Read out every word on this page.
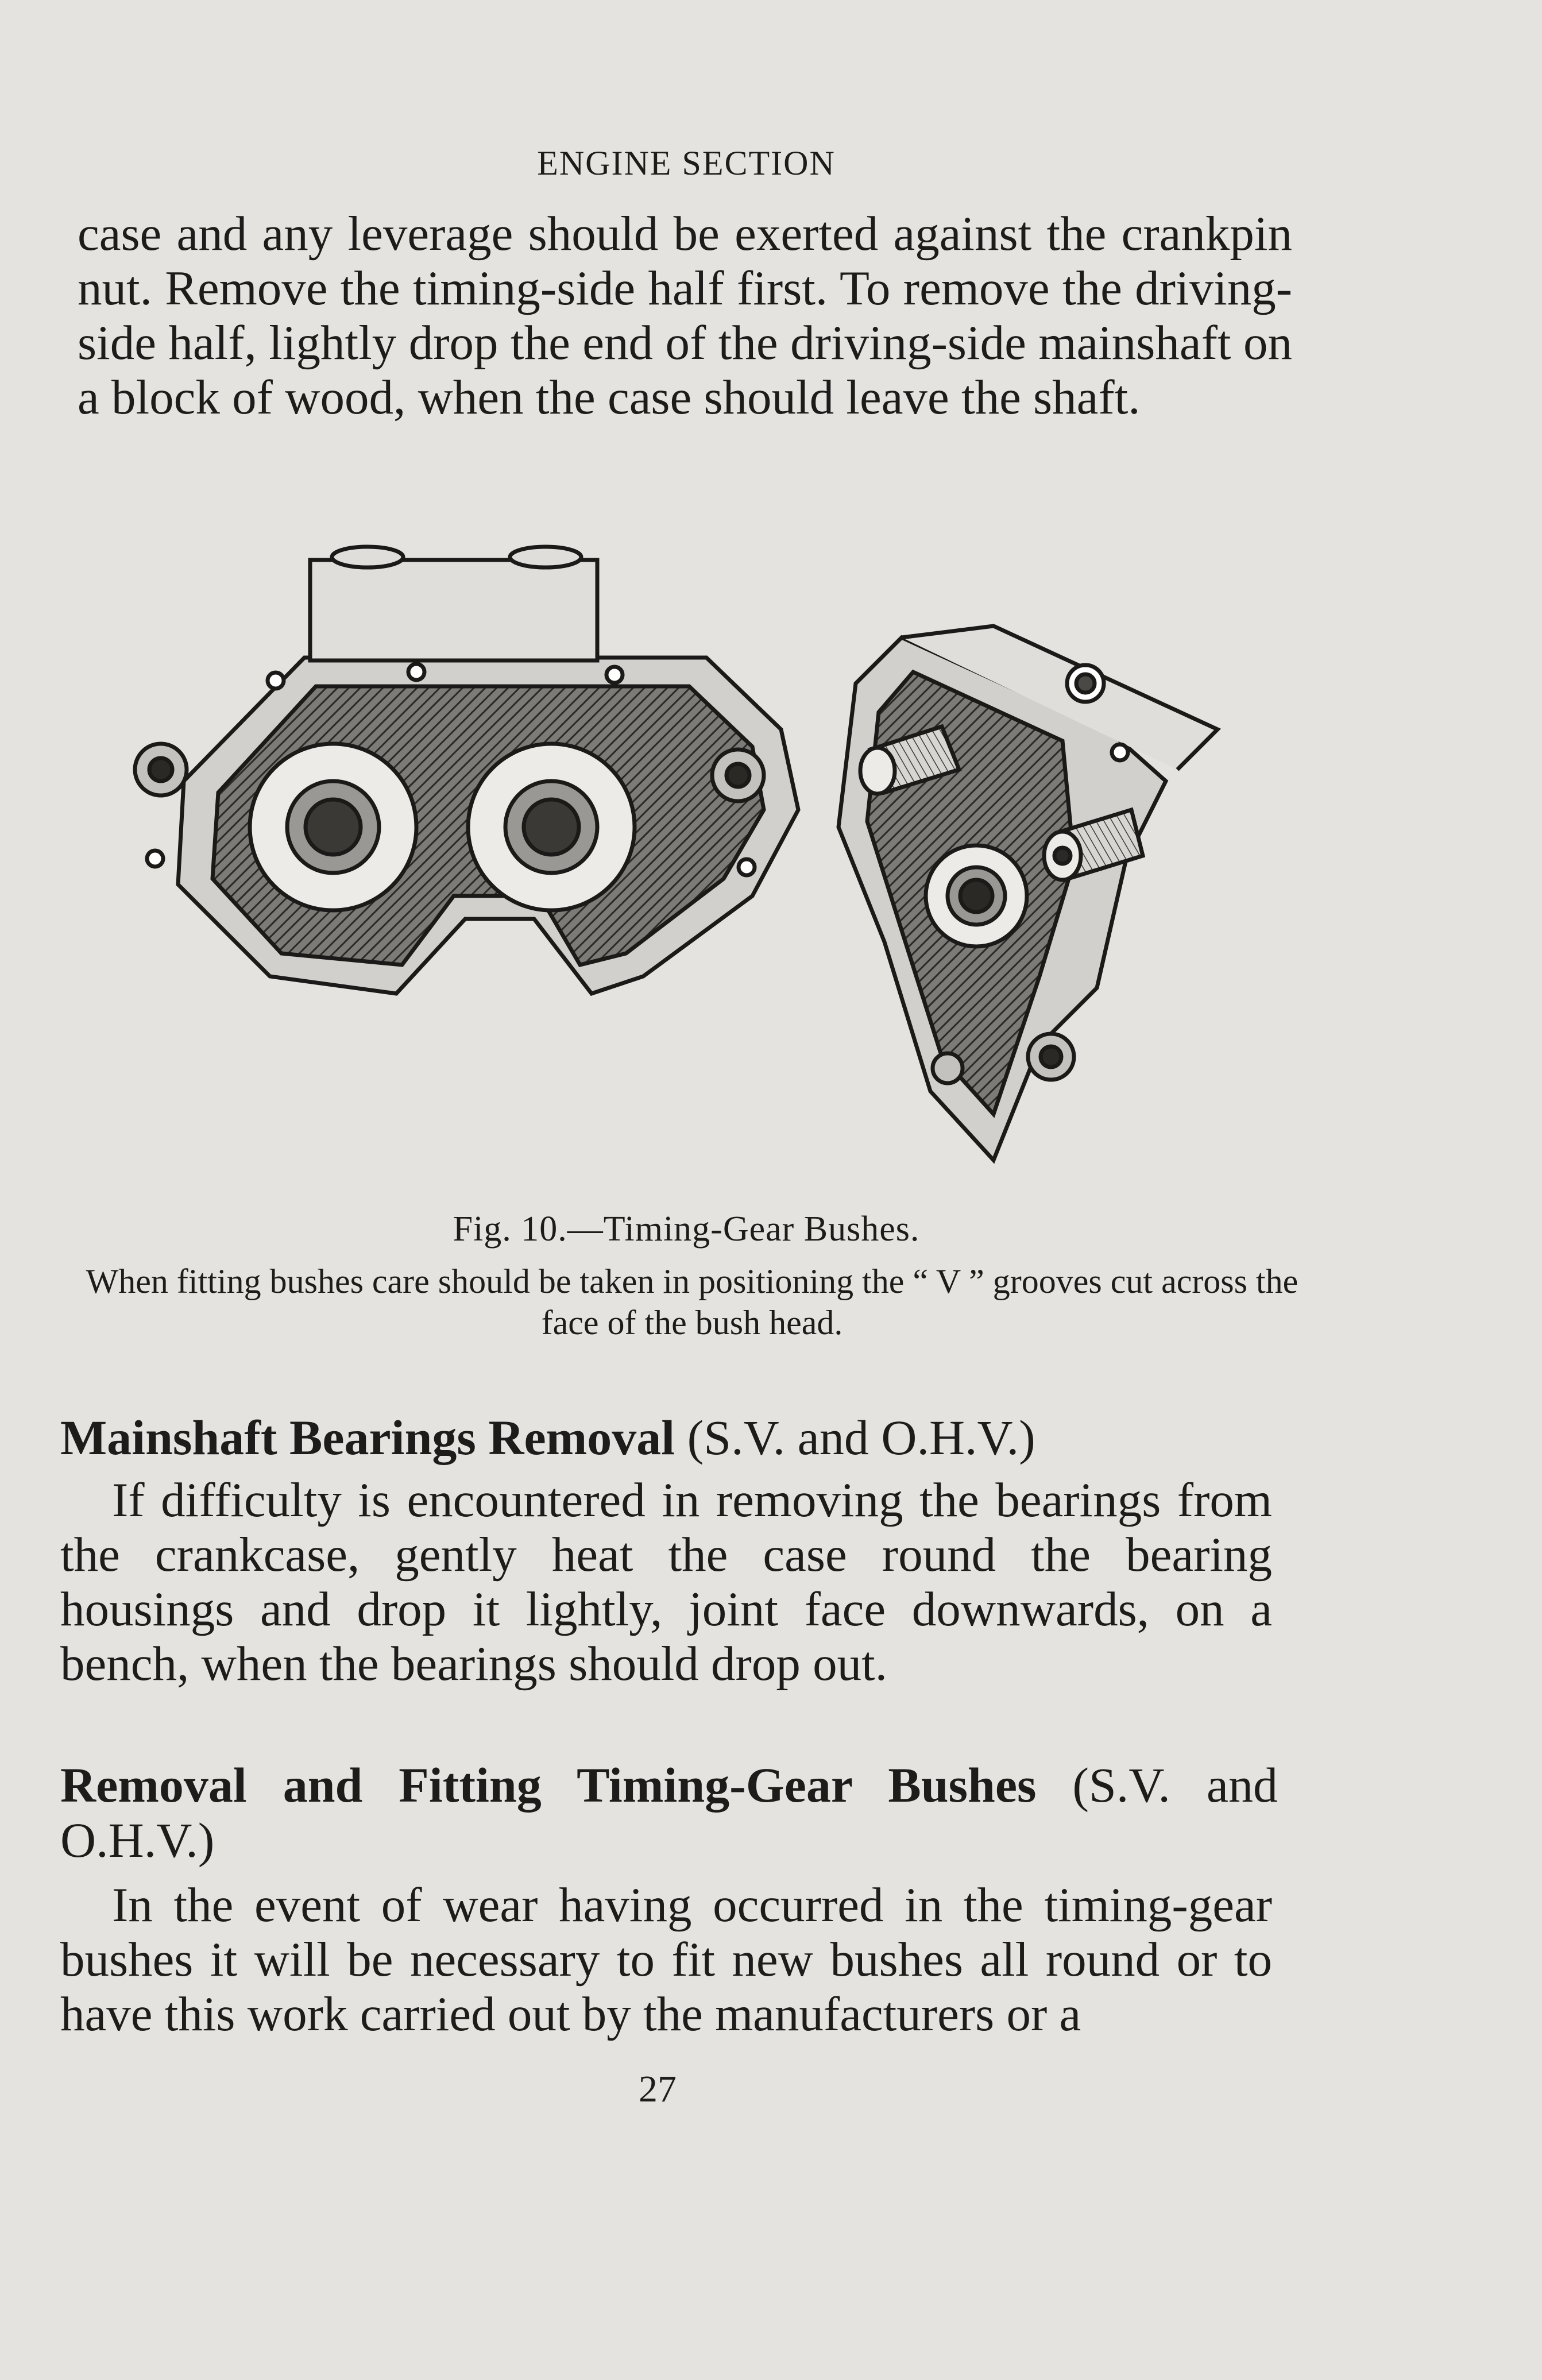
ENGINE SECTION

case and any leverage should be exerted against the crankpin nut. Remove the timing-side half first. To remove the driving-side half, lightly drop the end of the driving-side mainshaft on a block of wood, when the case should leave the shaft.

Fig. 10.—Timing-Gear Bushes.

When fitting bushes care should be taken in positioning the “ V ” grooves cut across the face of the bush head.

Mainshaft Bearings Removal (S.V. and O.H.V.)

If difficulty is encountered in removing the bearings from the crankcase, gently heat the case round the bearing housings and drop it lightly, joint face downwards, on a bench, when the bearings should drop out.

Removal and Fitting Timing-Gear Bushes (S.V. and O.H.V.)

In the event of wear having occurred in the timing-gear bushes it will be necessary to fit new bushes all round or to have this work carried out by the manufacturers or a

27
